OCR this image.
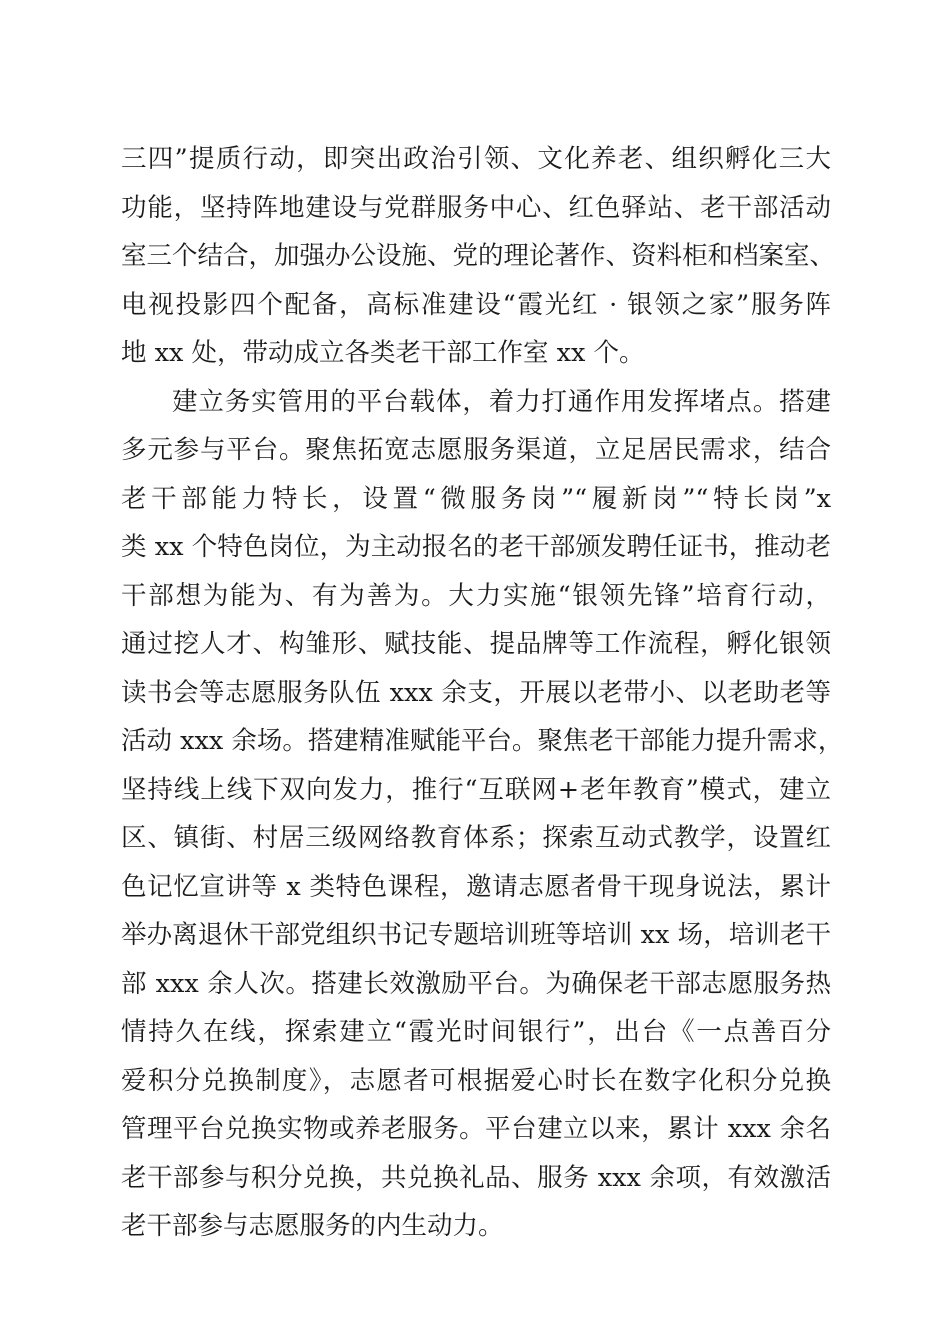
三四”提质行动，即突出政治引领、文化养老、组织孵化三大
功能，坚持阵地建设与党群服务中心、红色驿站、老干部活动
室三个结合，加强办公设施、党的理论著作、资料柜和档案室、
电视投影四个配备，高标准建设“霞光红 · 银领之家”服务阵
地 xx 处，带动成立各类老干部工作室 xx 个。
建立务实管用的平台载体，着力打通作用发挥堵点。搭建
多元参与平台。聚焦拓宽志愿服务渠道，立足居民需求，结合
老干部能力特长，设置“微服务岗”“履新岗”“特长岗”x
类 xx 个特色岗位，为主动报名的老干部颁发聘任证书，推动老
干部想为能为、有为善为。大力实施“银领先锋”培育行动，
通过挖人才、构雏形、赋技能、提品牌等工作流程，孵化银领
读书会等志愿服务队伍 xxx 余支，开展以老带小、以老助老等
活动 xxx 余场。搭建精准赋能平台。聚焦老干部能力提升需求，
坚持线上线下双向发力，推行“互联网+老年教育”模式，建立
区、镇街、村居三级网络教育体系；探索互动式教学，设置红
色记忆宣讲等 x 类特色课程，邀请志愿者骨干现身说法，累计
举办离退休干部党组织书记专题培训班等培训 xx 场，培训老干
部 xxx 余人次。搭建长效激励平台。为确保老干部志愿服务热
情持久在线，探索建立“霞光时间银行”，出台《一点善百分
爱积分兑换制度》，志愿者可根据爱心时长在数字化积分兑换
管理平台兑换实物或养老服务。平台建立以来，累计 xxx 余名
老干部参与积分兑换，共兑换礼品、服务 xxx 余项，有效激活
老干部参与志愿服务的内生动力。
